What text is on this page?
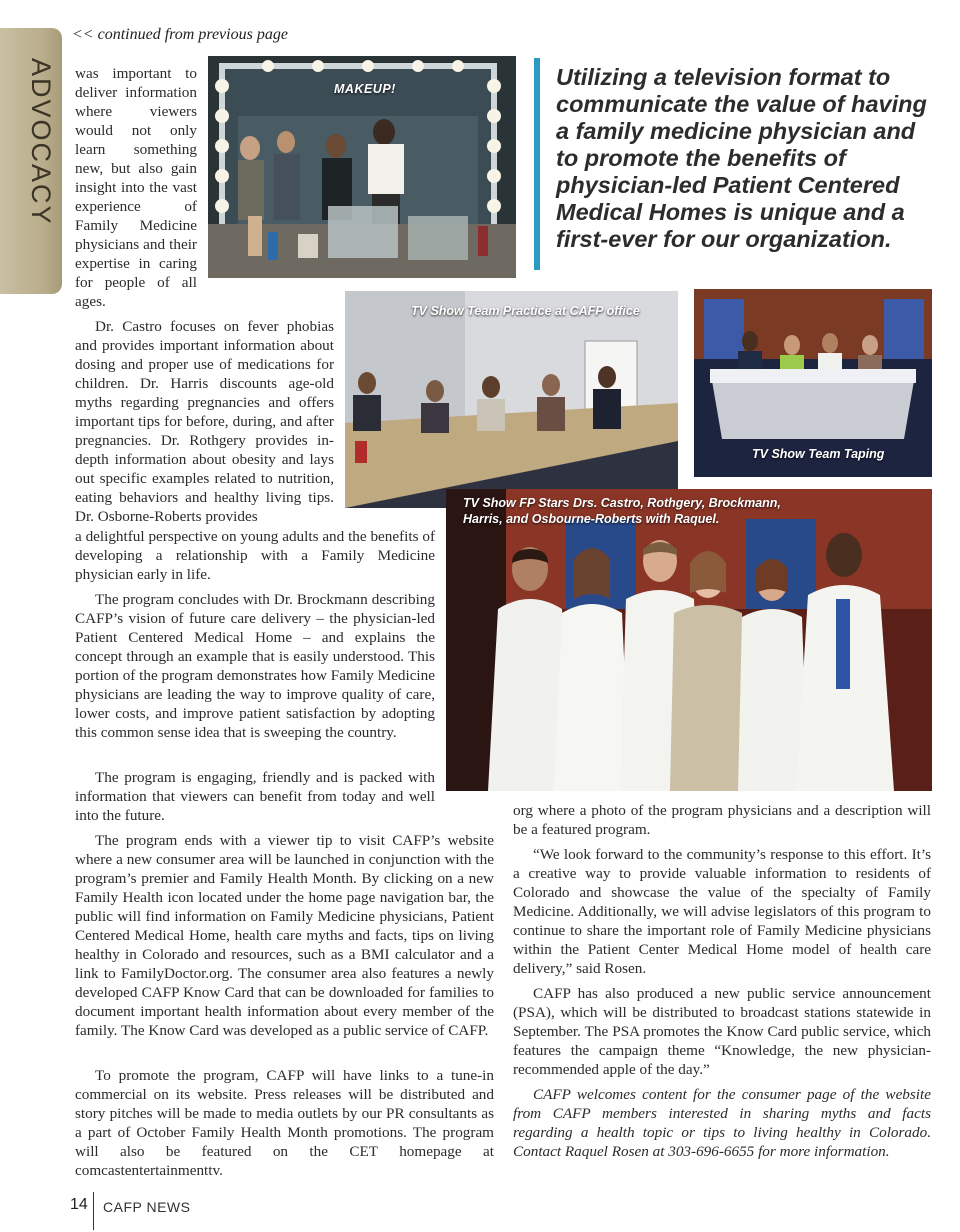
<< continued from previous page
ADVOCACY	MAKEUP!	Utilizing a television format to communicate the value of having a family medicine physician and to promote the benefits of physician-led Patient Centered Medical Homes is unique and a first-ever for our organization.
TV Show Team Practice at CAFP office
TV Show Team Taping
TV Show FP Stars Drs. Castro, Rothgery, Brockmann, Harris, and Osbourne-Roberts with Raquel.

was important to deliver information where viewers would not only learn something new, but also gain insight into the vast experience of Family Medicine physicians and their expertise in caring for people of all ages.

Dr. Castro focuses on fever phobias and provides important information about dosing and proper use of medications for children. Dr. Harris discounts age-old myths regarding pregnancies and offers important tips for before, during, and after pregnancies. Dr. Rothgery provides in-depth information about obesity and lays out specific examples related to nutrition, eating behaviors and healthy living tips. Dr. Osborne-Roberts provides

a delightful perspective on young adults and the benefits of developing a relationship with a Family Medicine physician early in life.

The program concludes with Dr. Brockmann describing CAFP’s vision of future care delivery – the physician-led Patient Centered Medical Home – and explains the concept through an example that is easily understood. This portion of the program demonstrates how Family Medicine physicians are leading the way to improve quality of care, lower costs, and improve patient satisfaction by adopting this common sense idea that is sweeping the country.

The program is engaging, friendly and is packed with information that viewers can benefit from today and well into the future.

The program ends with a viewer tip to visit CAFP’s website where a new consumer area will be launched in conjunction with the program’s premier and Family Health Month. By clicking on a new Family Health icon located under the home page navigation bar, the public will find information on Family Medicine physicians, Patient Centered Medical Home, health care myths and facts, tips on living healthy in Colorado and resources, such as a BMI calculator and a link to FamilyDoctor.org. The consumer area also features a newly developed CAFP Know Card that can be downloaded for families to document important health information about every member of the family. The Know Card was developed as a public service of CAFP.

To promote the program, CAFP will have links to a tune-in commercial on its website. Press releases will be distributed and story pitches will be made to media outlets by our PR consultants as a part of October Family Health Month promotions. The program will also be featured on the CET homepage at comcastentertainmenttv.

org where a photo of the program physicians and a description will be a featured program.

“We look forward to the community’s response to this effort. It’s a creative way to provide valuable information to residents of Colorado and showcase the value of the specialty of Family Medicine. Additionally, we will advise legislators of this program to continue to share the important role of Family Medicine physicians within the Patient Center Medical Home model of health care delivery,” said Rosen.

CAFP has also produced a new public service announcement (PSA), which will be distributed to broadcast stations statewide in September. The PSA promotes the Know Card public service, which features the campaign theme “Knowledge, the new physician-recommended apple of the day.”

CAFP welcomes content for the consumer page of the website from CAFP members interested in sharing myths and facts regarding a health topic or tips to living healthy in Colorado. Contact Raquel Rosen at 303-696-6655 for more information.

14 CAFP NEWS
